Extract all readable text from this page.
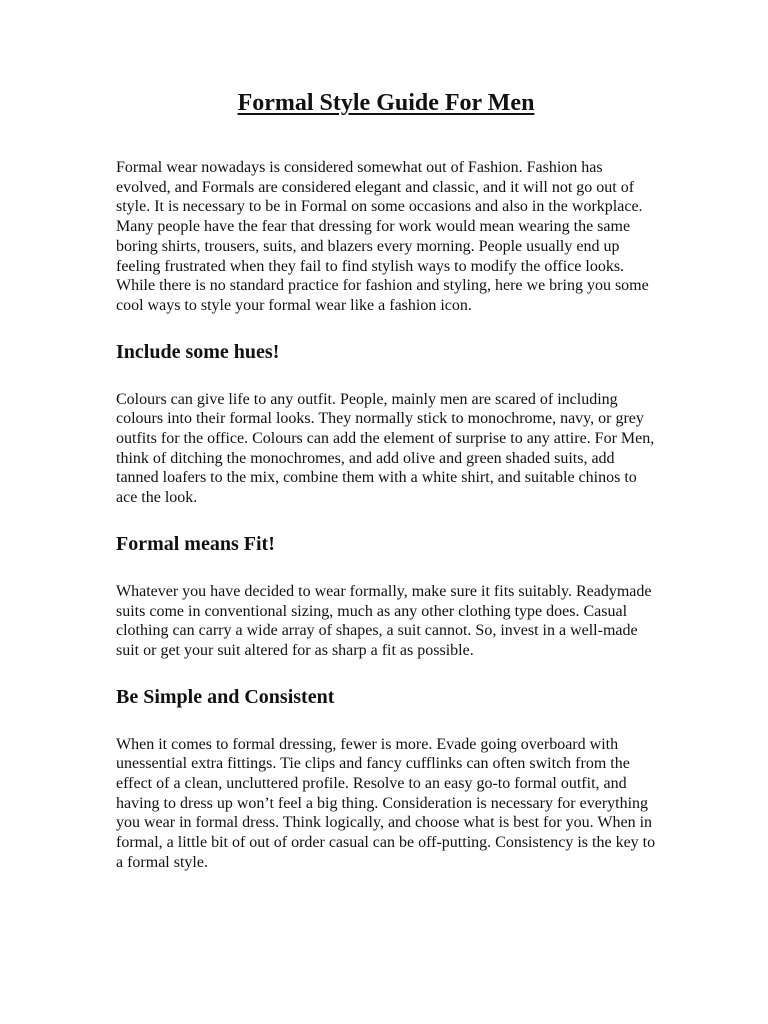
Formal Style Guide For Men

Formal wear nowadays is considered somewhat out of Fashion. Fashion has evolved, and Formals are considered elegant and classic, and it will not go out of style. It is necessary to be in Formal on some occasions and also in the workplace. Many people have the fear that dressing for work would mean wearing the same boring shirts, trousers, suits, and blazers every morning. People usually end up feeling frustrated when they fail to find stylish ways to modify the office looks. While there is no standard practice for fashion and styling, here we bring you some cool ways to style your formal wear like a fashion icon.

Include some hues!

Colours can give life to any outfit. People, mainly men are scared of including colours into their formal looks. They normally stick to monochrome, navy, or grey outfits for the office. Colours can add the element of surprise to any attire. For Men, think of ditching the monochromes, and add olive and green shaded suits, add tanned loafers to the mix, combine them with a white shirt, and suitable chinos to ace the look.

Formal means Fit!

Whatever you have decided to wear formally, make sure it fits suitably. Readymade suits come in conventional sizing, much as any other clothing type does. Casual clothing can carry a wide array of shapes, a suit cannot. So, invest in a well-made suit or get your suit altered for as sharp a fit as possible.

Be Simple and Consistent

When it comes to formal dressing, fewer is more. Evade going overboard with unessential extra fittings. Tie clips and fancy cufflinks can often switch from the effect of a clean, uncluttered profile. Resolve to an easy go-to formal outfit, and having to dress up won’t feel a big thing. Consideration is necessary for everything you wear in formal dress. Think logically, and choose what is best for you. When in formal, a little bit of out of order casual can be off-putting. Consistency is the key to a formal style.
